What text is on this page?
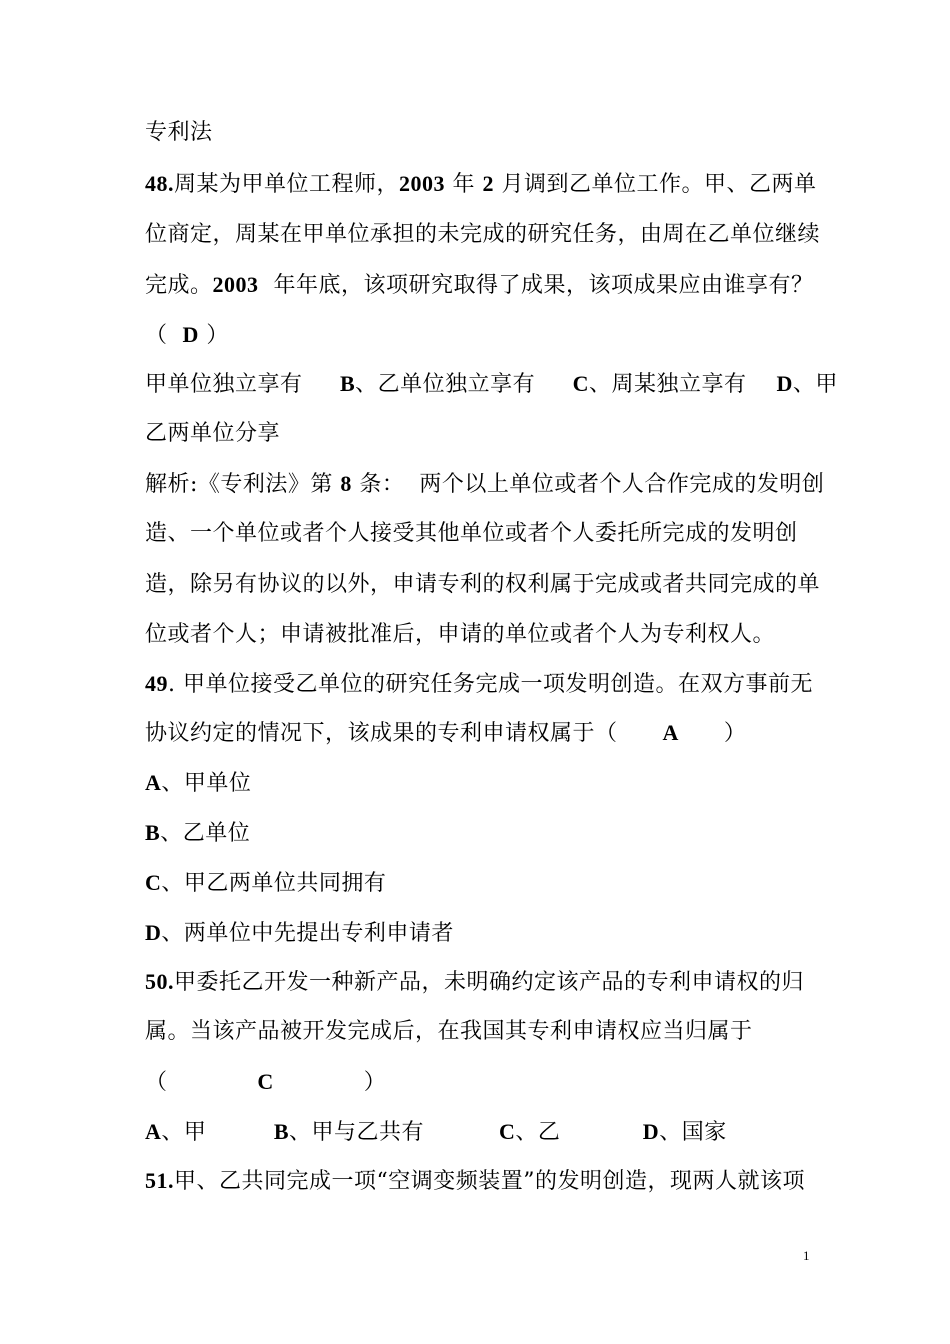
专利法
48.周某为甲单位工程师，2003 年 2 月调到乙单位工作。甲、乙两单
位商定，周某在甲单位承担的未完成的研究任务，由周在乙单位继续
完成。2003  年年底，该项研究取得了成果，该项成果应由谁享有？
（  D ）
甲单位独立享有     B、乙单位独立享有     C、周某独立享有    D、甲
乙两单位分享
解析:《专利法》第 8 条：  两个以上单位或者个人合作完成的发明创
造、一个单位或者个人接受其他单位或者个人委托所完成的发明创
造，除另有协议的以外，申请专利的权利属于完成或者共同完成的单
位或者个人；申请被批准后，申请的单位或者个人为专利权人。
49. 甲单位接受乙单位的研究任务完成一项发明创造。在双方事前无
协议约定的情况下，该成果的专利申请权属于（      A      ）
A、甲单位
B、乙单位
C、甲乙两单位共同拥有
D、两单位中先提出专利申请者
50.甲委托乙开发一种新产品，未明确约定该产品的专利申请权的归
属。当该产品被开发完成后，在我国其专利申请权应当归属于
（            C            ）
A、甲         B、甲与乙共有          C、乙           D、国家
51.甲、乙共同完成一项“空调变频装置”的发明创造，现两人就该项
1
